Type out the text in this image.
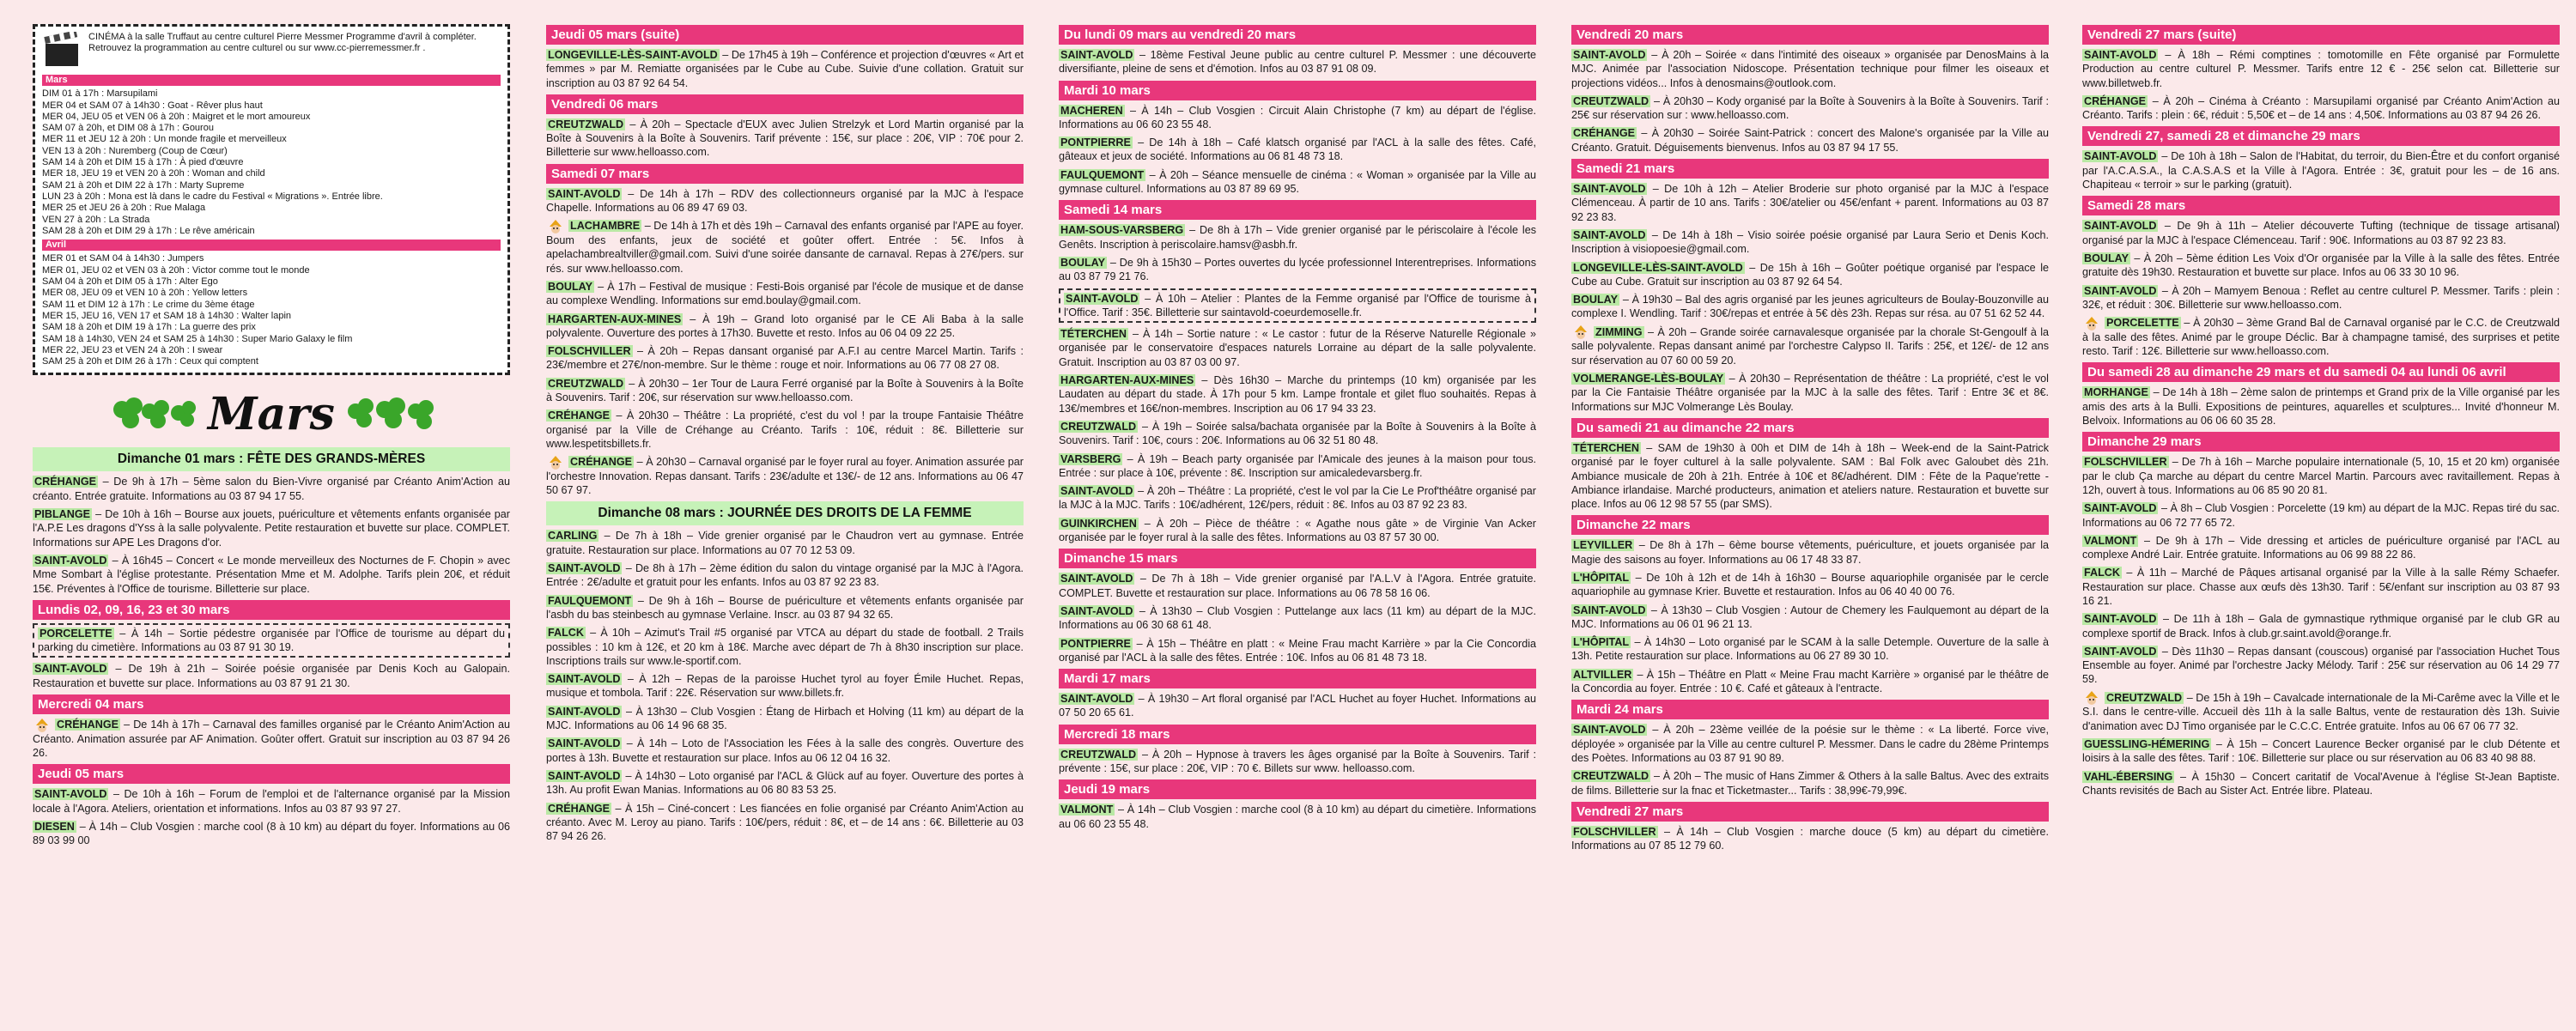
CINÉMA à la salle Truffaut au centre culturel Pierre Messmer Programme d'avril à compléter. Retrouvez la programmation au centre culturel ou sur www.cc-pierremessmer.fr .
Mars
DIM 01 à 17h : Marsupilami
MER 04 et SAM 07 à 14h30 : Goat - Rêver plus haut
MER 04, JEU 05 et VEN 06 à 20h : Maigret et le mort amoureux
SAM 07 à 20h, et DIM 08 à 17h : Gourou
MER 11 et JEU 12 à 20h : Un monde fragile et merveilleux
VEN 13 à 20h : Nuremberg (Coup de Cœur)
SAM 14 à 20h et DIM 15 à 17h : À pied d'œuvre
MER 18, JEU 19 et VEN 20 à 20h : Woman and child
SAM 21 à 20h et DIM 22 à 17h : Marty Supreme
LUN 23 à 20h : Mona est là dans le cadre du Festival « Migrations ». Entrée libre.
MER 25 et JEU 26 à 20h : Rue Malaga
VEN 27 à 20h : La Strada
SAM 28 à 20h et DIM 29 à 17h : Le rêve américain
Avril
MER 01 et SAM 04 à 14h30 : Jumpers
MER 01, JEU 02 et VEN 03 à 20h : Victor comme tout le monde
SAM 04 à 20h et DIM 05 à 17h : Alter Ego
MER 08, JEU 09 et VEN 10 à 20h : Yellow letters
SAM 11 et DIM 12 à 17h : Le crime du 3ème étage
MER 15, JEU 16, VEN 17 et SAM 18 à 14h30 : Walter lapin
SAM 18 à 20h et DIM 19 à 17h : La guerre des prix
SAM 18 à 14h30, VEN 24 et SAM 25 à 14h30 : Super Mario Galaxy le film
MER 22, JEU 23 et VEN 24 à 20h : I swear
SAM 25 à 20h et DIM 26 à 17h : Ceux qui comptent
Mars
Dimanche 01 mars : FÊTE DES GRANDS-MÈRES
CRÉHANGE – De 9h à 17h – 5ème salon du Bien-Vivre organisé par Créanto Anim'Action au créanto. Entrée gratuite. Informations au 03 87 94 17 55.
PIBLANGE – De 10h à 16h – Bourse aux jouets, puériculture et vêtements enfants organisée par l'A.P.E Les dragons d'Yss à la salle polyvalente. Petite restauration et buvette sur place. COMPLET. Informations sur APE Les Dragons d'or.
SAINT-AVOLD – À 16h45 – Concert « Le monde merveilleux des Nocturnes de F. Chopin » avec Mme Sombart à l'église protestante. Présentation Mme et M. Adolphe. Tarifs plein 20€, et réduit 15€. Préventes à l'Office de tourisme. Billetterie sur place.
Lundis 02, 09, 16, 23 et 30 mars
PORCELETTE – À 14h – Sortie pédestre organisée par l'Office de tourisme au départ du parking du cimetière. Informations au 03 87 91 30 19.
SAINT-AVOLD – De 19h à 21h – Soirée poésie organisée par Denis Koch au Galopain. Restauration et buvette sur place. Informations au 03 87 91 21 30.
Mercredi 04 mars
CRÉHANGE – De 14h à 17h – Carnaval des familles organisé par le Créanto Anim'Action au Créanto. Animation assurée par AF Animation. Goûter offert. Gratuit sur inscription au 03 87 94 26 26.
Jeudi 05 mars
SAINT-AVOLD – De 10h à 16h – Forum de l'emploi et de l'alternance organisé par la Mission locale à l'Agora. Ateliers, orientation et informations. Infos au 03 87 93 97 27.
DIESEN – À 14h – Club Vosgien : marche cool (8 à 10 km) au départ du foyer. Informations au 06 89 03 99 00
Jeudi 05 mars (suite)
LONGEVILLE-LÈS-SAINT-AVOLD – De 17h45 à 19h – Conférence et projection d'œuvres « Art et femmes » par M. Remiatte organisées par le Cube au Cube. Suivie d'une collation. Gratuit sur inscription au 03 87 92 64 54.
Vendredi 06 mars
CREUTZWALD – À 20h – Spectacle d'EUX avec Julien Strelzyk et Lord Martin organisé par la Boîte à Souvenirs à la Boîte à Souvenirs. Tarif prévente : 15€, sur place : 20€, VIP : 70€ pour 2. Billetterie sur www.helloasso.com.
Samedi 07 mars
SAINT-AVOLD – De 14h à 17h – RDV des collectionneurs organisé par la MJC à l'espace Chapelle. Informations au 06 89 47 69 03.
LACHAMBRE – De 14h à 17h et dès 19h – Carnaval des enfants organisé par l'APE au foyer. Boum des enfants, jeux de société et goûter offert. Entrée : 5€. Infos à apelachambrealtviller@gmail.com. Suivi d'une soirée dansante de carnaval. Repas à 27€/pers. sur rés. sur www.helloasso.com.
BOULAY – À 17h – Festival de musique : Festi-Bois organisé par l'école de musique et de danse au complexe Wendling. Informations sur emd.boulay@gmail.com.
HARGARTEN-AUX-MINES – À 19h – Grand loto organisé par le CE Ali Baba à la salle polyvalente. Ouverture des portes à 17h30. Buvette et resto. Infos au 06 04 09 22 25.
FOLSCHVILLER – À 20h – Repas dansant organisé par A.F.I au centre Marcel Martin. Tarifs : 23€/membre et 27€/non-membre. Sur le thème : rouge et noir. Informations au 06 77 08 27 08.
CREUTZWALD – À 20h30 – 1er Tour de Laura Ferré organisé par la Boîte à Souvenirs à la Boîte à Souvenirs. Tarif : 20€, sur réservation sur www.helloasso.com.
CRÉHANGE – À 20h30 – Théâtre : La propriété, c'est du vol ! par la troupe Fantaisie Théâtre organisé par la Ville de Créhange au Créanto. Tarifs : 10€, réduit : 8€. Billetterie sur www.lespetitsbillets.fr.
CRÉHANGE – À 20h30 – Carnaval organisé par le foyer rural au foyer. Animation assurée par l'orchestre Innovation. Repas dansant. Tarifs : 23€/adulte et 13€/- de 12 ans. Informations au 06 47 50 67 97.
Dimanche 08 mars : JOURNÉE DES DROITS DE LA FEMME
CARLING – De 7h à 18h – Vide grenier organisé par le Chaudron vert au gymnase. Entrée gratuite. Restauration sur place. Informations au 07 70 12 53 09.
SAINT-AVOLD – De 8h à 17h – 2ème édition du salon du vintage organisé par la MJC à l'Agora. Entrée : 2€/adulte et gratuit pour les enfants. Infos au 03 87 92 23 83.
FAULQUEMONT – De 9h à 16h – Bourse de puériculture et vêtements enfants organisée par l'asbh du bas steinbesch au gymnase Verlaine. Inscr. au 03 87 94 32 65.
FALCK – À 10h – Azimut's Trail #5 organisé par VTCA au départ du stade de football. 2 Trails possibles : 10 km à 12€, et 20 km à 18€. Marche avec départ de 7h à 8h30 inscription sur place. Inscriptions trails sur www.le-sportif.com.
SAINT-AVOLD – À 12h – Repas de la paroisse Huchet tyrol au foyer Émile Huchet. Repas, musique et tombola. Tarif : 22€. Réservation sur www.billets.fr.
SAINT-AVOLD – À 13h30 – Club Vosgien : Étang de Hirbach et Holving (11 km) au départ de la MJC. Informations au 06 14 96 68 35.
SAINT-AVOLD – À 14h – Loto de l'Association les Fées à la salle des congrès. Ouverture des portes à 13h. Buvette et restauration sur place. Infos au 06 12 04 16 32.
SAINT-AVOLD – À 14h30 – Loto organisé par l'ACL & Glück auf au foyer. Ouverture des portes à 13h. Au profit Ewan Manias. Informations au 06 80 83 53 25.
CRÉHANGE – À 15h – Ciné-concert : Les fiancées en folie organisé par Créanto Anim'Action au créanto. Avec M. Leroy au piano. Tarifs : 10€/pers, réduit : 8€, et – de 14 ans : 6€. Billetterie au 03 87 94 26 26.
Du lundi 09 mars au vendredi 20 mars
SAINT-AVOLD – 18ème Festival Jeune public au centre culturel P. Messmer : une découverte diversifiante, pleine de sens et d'émotion. Infos au 03 87 91 08 09.
Mardi 10 mars
MACHEREN – À 14h – Club Vosgien : Circuit Alain Christophe (7 km) au départ de l'église. Informations au 06 60 23 55 48.
PONTPIERRE – De 14h à 18h – Café klatsch organisé par l'ACL à la salle des fêtes. Café, gâteaux et jeux de société. Informations au 06 81 48 73 18.
FAULQUEMONT – À 20h – Séance mensuelle de cinéma : « Woman » organisée par la Ville au gymnase culturel. Informations au 03 87 89 69 95.
Samedi 14 mars
HAM-SOUS-VARSBERG – De 8h à 17h – Vide grenier organisé par le périscolaire à l'école les Genêts. Inscription à periscolaire.hamsv@asbh.fr.
BOULAY – De 9h à 15h30 – Portes ouvertes du lycée professionnel Interentreprises. Informations au 03 87 79 21 76.
SAINT-AVOLD – À 10h – Atelier : Plantes de la Femme organisé par l'Office de tourisme à l'Office. Tarif : 35€. Billetterie sur saintavold-coeurdemoselle.fr.
TÉTERCHEN – À 14h – Sortie nature : « Le castor : futur de la Réserve Naturelle Régionale » organisée par le conservatoire d'espaces naturels Lorraine au départ de la salle polyvalente. Gratuit. Inscription au 03 87 03 00 97.
HARGARTEN-AUX-MINES – Dès 16h30 – Marche du printemps (10 km) organisée par les Laudaten au départ du stade. À 17h pour 5 km. Lampe frontale et gilet fluo souhaités. Repas à 13€/membres et 16€/non-membres. Inscription au 06 17 94 33 23.
CREUTZWALD – À 19h – Soirée salsa/bachata organisée par la Boîte à Souvenirs à la Boîte à Souvenirs. Tarif : 10€, cours : 20€. Informations au 06 32 51 80 48.
VARSBERG – À 19h – Beach party organisée par l'Amicale des jeunes à la maison pour tous. Entrée : sur place à 10€, prévente : 8€. Inscription sur amicaledevarsberg.fr.
SAINT-AVOLD – À 20h – Théâtre : La propriété, c'est le vol par la Cie Le Prof'théâtre organisé par la MJC à la MJC. Tarifs : 10€/adhérent, 12€/pers, réduit : 8€. Infos au 03 87 92 23 83.
GUINKIRCHEN – À 20h – Pièce de théâtre : « Agathe nous gâte » de Virginie Van Acker organisée par le foyer rural à la salle des fêtes. Informations au 03 87 57 30 00.
Dimanche 15 mars
SAINT-AVOLD – De 7h à 18h – Vide grenier organisé par l'A.L.V à l'Agora. Entrée gratuite. COMPLET. Buvette et restauration sur place. Informations au 06 78 58 16 06.
SAINT-AVOLD – À 13h30 – Club Vosgien : Puttelange aux lacs (11 km) au départ de la MJC. Informations au 06 30 68 61 48.
PONTPIERRE – À 15h – Théâtre en platt : « Meine Frau macht Karrière » par la Cie Concordia organisé par l'ACL à la salle des fêtes. Entrée : 10€. Infos au 06 81 48 73 18.
Mardi 17 mars
SAINT-AVOLD – À 19h30 – Art floral organisé par l'ACL Huchet au foyer Huchet. Informations au 07 50 20 65 61.
Mercredi 18 mars
CREUTZWALD – À 20h – Hypnose à travers les âges organisé par la Boîte à Souvenirs. Tarif : prévente : 15€, sur place : 20€, VIP : 70 €. Billets sur www. helloasso.com.
Jeudi 19 mars
VALMONT – À 14h – Club Vosgien : marche cool (8 à 10 km) au départ du cimetière. Informations au 06 60 23 55 48.
Vendredi 20 mars
SAINT-AVOLD – À 20h – Soirée « dans l'intimité des oiseaux » organisée par DenosMains à la MJC. Animée par l'association Nidoscope. Présentation technique pour filmer les oiseaux et projections vidéos... Infos à denosmains@outlook.com.
CREUTZWALD – À 20h30 – Kody organisé par la Boîte à Souvenirs à la Boîte à Souvenirs. Tarif : 25€ sur réservation sur : www.helloasso.com.
CRÉHANGE – À 20h30 – Soirée Saint-Patrick : concert des Malone's organisée par la Ville au Créanto. Gratuit. Déguisements bienvenus. Infos au 03 87 94 17 55.
Samedi 21 mars
SAINT-AVOLD – De 10h à 12h – Atelier Broderie sur photo organisé par la MJC à l'espace Clémenceau. À partir de 10 ans. Tarifs : 30€/atelier ou 45€/enfant + parent. Informations au 03 87 92 23 83.
SAINT-AVOLD – De 14h à 18h – Visio soirée poésie organisé par Laura Serio et Denis Koch. Inscription à visiopoesie@gmail.com.
LONGEVILLE-LÈS-SAINT-AVOLD – De 15h à 16h – Goûter poétique organisé par l'espace le Cube au Cube. Gratuit sur inscription au 03 87 92 64 54.
BOULAY – À 19h30 – Bal des agris organisé par les jeunes agriculteurs de Boulay-Bouzonville au complexe I. Wendling. Tarif : 30€/repas et entrée à 5€ dès 23h. Repas sur résa. au 07 51 62 52 44.
ZIMMING – À 20h – Grande soirée carnavalesque organisée par la chorale St-Gengoulf à la salle polyvalente. Repas dansant animé par l'orchestre Calypso II. Tarifs : 25€, et 12€/- de 12 ans sur réservation au 07 60 00 59 20.
VOLMERANGE-LÈS-BOULAY – À 20h30 – Représentation de théâtre : La propriété, c'est le vol par la Cie Fantaisie Théâtre organisée par la MJC à la salle des fêtes. Tarif : Entre 3€ et 8€. Informations sur MJC Volmerange Lès Boulay.
Du samedi 21 au dimanche 22 mars
TÉTERCHEN – SAM de 19h30 à 00h et DIM de 14h à 18h – Week-end de la Saint-Patrick organisé par le foyer culturel à la salle polyvalente. SAM : Bal Folk avec Galoubet dès 21h. Ambiance musicale de 20h à 21h. Entrée à 10€ et 8€/adhérent. DIM : Fête de la Paque'rette - Ambiance irlandaise. Marché producteurs, animation et ateliers nature. Restauration et buvette sur place. Infos au 06 12 98 57 55 (par SMS).
Dimanche 22 mars
LEYVILLER – De 8h à 17h – 6ème bourse vêtements, puériculture, et jouets organisée par la Magie des saisons au foyer. Informations au 06 17 48 33 87.
L'HÔPITAL – De 10h à 12h et de 14h à 16h30 – Bourse aquariophile organisée par le cercle aquariophile au gymnase Krier. Buvette et restauration. Infos au 06 40 40 00 76.
SAINT-AVOLD – À 13h30 – Club Vosgien : Autour de Chemery les Faulquemont au départ de la MJC. Informations au 06 01 96 21 13.
L'HÔPITAL – À 14h30 – Loto organisé par le SCAM à la salle Detemple. Ouverture de la salle à 13h. Petite restauration sur place. Informations au 06 27 89 30 10.
ALTVILLER – À 15h – Théâtre en Platt « Meine Frau macht Karrière » organisé par le théâtre de la Concordia au foyer. Entrée : 10 €. Café et gâteaux à l'entracte.
Mardi 24 mars
SAINT-AVOLD – À 20h – 23ème veillée de la poésie sur le thème : « La liberté. Force vive, déployée » organisée par la Ville au centre culturel P. Messmer. Dans le cadre du 28ème Printemps des Poètes. Informations au 03 87 91 90 89.
CREUTZWALD – À 20h – The music of Hans Zimmer & Others à la salle Baltus. Avec des extraits de films. Billetterie sur la fnac et Ticketmaster... Tarifs : 38,99€-79,99€.
Vendredi 27 mars
FOLSCHVILLER – À 14h – Club Vosgien : marche douce (5 km) au départ du cimetière. Informations au 07 85 12 79 60.
Vendredi 27 mars (suite)
SAINT-AVOLD – À 18h – Rémi comptines : tomotomille en Fête organisé par Formulette Production au centre culturel P. Messmer. Tarifs entre 12 € - 25€ selon cat. Billetterie sur www.billetweb.fr.
CRÉHANGE – À 20h – Cinéma à Créanto : Marsupilami organisé par Créanto Anim'Action au Créanto. Tarifs : plein : 6€, réduit : 5,50€ et – de 14 ans : 4,50€. Informations au 03 87 94 26 26.
Vendredi 27, samedi 28 et dimanche 29 mars
SAINT-AVOLD – De 10h à 18h – Salon de l'Habitat, du terroir, du Bien-Être et du confort organisé par l'A.C.A.S.A., la C.A.S.A.S et la Ville à l'Agora. Entrée : 3€, gratuit pour les – de 16 ans. Chapiteau « terroir » sur le parking (gratuit).
Samedi 28 mars
SAINT-AVOLD – De 9h à 11h – Atelier découverte Tufting (technique de tissage artisanal) organisé par la MJC à l'espace Clémenceau. Tarif : 90€. Informations au 03 87 92 23 83.
BOULAY – À 20h – 5ème édition Les Voix d'Or organisée par la Ville à la salle des fêtes. Entrée gratuite dès 19h30. Restauration et buvette sur place. Infos au 06 33 30 10 96.
SAINT-AVOLD – À 20h – Mamyem Benoua : Reflet au centre culturel P. Messmer. Tarifs : plein : 32€, et réduit : 30€. Billetterie sur www.helloasso.com.
PORCELETTE – À 20h30 – 3ème Grand Bal de Carnaval organisé par le C.C. de Creutzwald à la salle des fêtes. Animé par le groupe Déclic. Bar à champagne tamisé, des surprises et petite resto. Tarif : 12€. Billetterie sur www.helloasso.com.
Du samedi 28 au dimanche 29 mars et du samedi 04 au lundi 06 avril
MORHANGE – De 14h à 18h – 2ème salon de printemps et Grand prix de la Ville organisé par les amis des arts à la Bulli. Expositions de peintures, aquarelles et sculptures... Invité d'honneur M. Belvoix. Informations au 06 06 60 35 28.
Dimanche 29 mars
FOLSCHVILLER – De 7h à 16h – Marche populaire internationale (5, 10, 15 et 20 km) organisée par le club Ça marche au départ du centre Marcel Martin. Parcours avec ravitaillement. Repas à 12h, ouvert à tous. Informations au 06 85 90 20 81.
SAINT-AVOLD – À 8h – Club Vosgien : Porcelette (19 km) au départ de la MJC. Repas tiré du sac. Informations au 06 72 77 65 72.
VALMONT – De 9h à 17h – Vide dressing et articles de puériculture organisé par l'ACL au complexe André Lair. Entrée gratuite. Informations au 06 99 88 22 86.
FALCK – À 11h – Marché de Pâques artisanal organisé par la Ville à la salle Rémy Schaefer. Restauration sur place. Chasse aux œufs dès 13h30. Tarif : 5€/enfant sur inscription au 03 87 93 16 21.
SAINT-AVOLD – De 11h à 18h – Gala de gymnastique rythmique organisé par le club GR au complexe sportif de Brack. Infos à club.gr.saint.avold@orange.fr.
SAINT-AVOLD – Dès 11h30 – Repas dansant (couscous) organisé par l'association Huchet Tous Ensemble au foyer. Animé par l'orchestre Jacky Mélody. Tarif : 25€ sur réservation au 06 14 29 77 59.
CREUTZWALD – De 15h à 19h – Cavalcade internationale de la Mi-Carême avec la Ville et le S.I. dans le centre-ville. Accueil dès 11h à la salle Baltus, vente de restauration dès 13h. Suivie d'animation avec DJ Timo organisée par le C.C.C. Entrée gratuite. Infos au 06 67 06 77 32.
GUESSLING-HÉMERING – À 15h – Concert Laurence Becker organisé par le club Détente et loisirs à la salle des fêtes. Tarif : 10€. Billetterie sur place ou sur réservation au 06 83 40 98 88.
VAHL-ÉBERSING – À 15h30 – Concert caritatif de Vocal'Avenue à l'église St-Jean Baptiste. Chants revisités de Bach au Sister Act. Entrée libre. Plateau.
